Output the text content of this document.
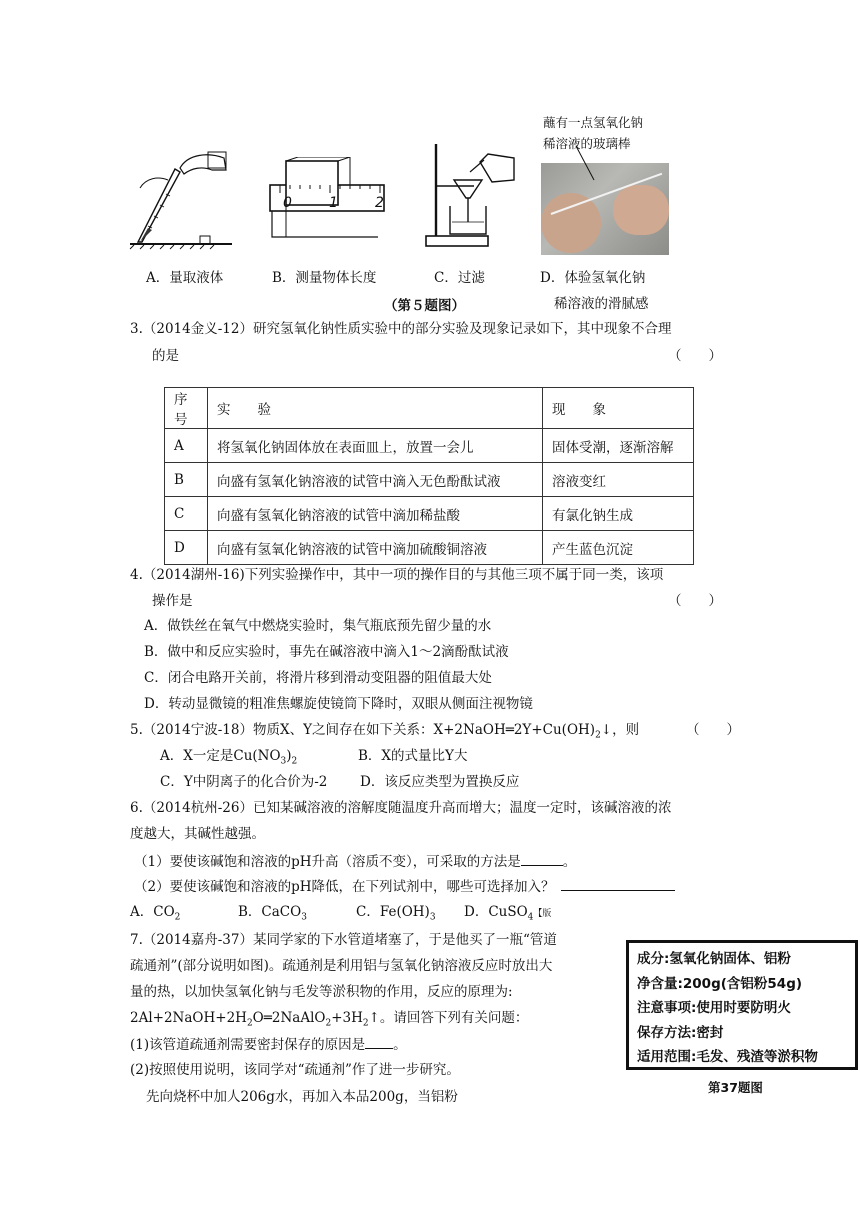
0	1	2
蘸有一点氢氧化钠
稀溶液的玻璃棒
A．量取液体	B．测量物体长度	C．过滤	D．体验氢氧化钠
稀溶液的滑腻感
（第５题图）
3.（2014金义-12）研究氢氧化钠性质实验中的部分实验及现象记录如下，其中现象不合理
的是	（　　）
序号	实　　验	现　　象
A	将氢氧化钠固体放在表面皿上，放置一会儿	固体受潮，逐渐溶解
B	向盛有氢氧化钠溶液的试管中滴入无色酚酞试液	溶液变红
C	向盛有氢氧化钠溶液的试管中滴加稀盐酸	有氯化钠生成
D	向盛有氢氧化钠溶液的试管中滴加硫酸铜溶液	产生蓝色沉淀
4.（2014湖州-16)下列实验操作中，其中一项的操作目的与其他三项不属于同一类，该项
操作是	（　　）
A．做铁丝在氧气中燃烧实验时，集气瓶底预先留少量的水
B．做中和反应实验时，事先在碱溶液中滴入1～2滴酚酞试液
C．闭合电路开关前，将滑片移到滑动变阻器的阻值最大处
D．转动显微镜的粗准焦螺旋使镜筒下降时，双眼从侧面注视物镜
5.（2014宁波-18）物质X、Y之间存在如下关系：$X+2NaOH═2Y+Cu(OH)_2↓$，则	（　　）
A．X一定是$Cu(NO_3)_2$	B．X的式量比Y大
C．Y中阴离子的化合价为-2 D．该反应类型为置换反应
6.（2014杭州-26）已知某碱溶液的溶解度随温度升高而增大；温度一定时，该碱溶液的浓
度越大，其碱性越强。
（1）要使该碱饱和溶液的pH升高（溶质不变），可采取的方法是	。
（2）要使该碱饱和溶液的pH降低，在下列试剂中，哪些可选择加入？
A．$CO_2$	B．CaCO$_3$	C．$Fe(OH)_3$ D．CuSO$_4$【版
7.（2014嘉舟-37）某同学家的下水管道堵塞了，于是他买了一瓶“管道
疏通剂”(部分说明如图)。疏通剂是利用铝与氢氧化钠溶液反应时放出大
量的热，以加快氢氧化钠与毛发等淤积物的作用，反应的原理为:
$2Al+2NaOH+2H_2O═2NaAlO_2+3H_2↑$。请回答下列有关问题：
(1)该管道疏通剂需要密封保存的原因是 。
(2)按照使用说明，该同学对“疏通剂”作了进一步研究。
先向烧杯中加人206g水，再加入本品200g，当铝粉
成分:氢氧化钠固体、铝粉
净含量:200g(含铝粉54g)
注意事项:使用时要防明火
保存方法:密封
适用范围:毛发、残渣等淤积物
第37题图
